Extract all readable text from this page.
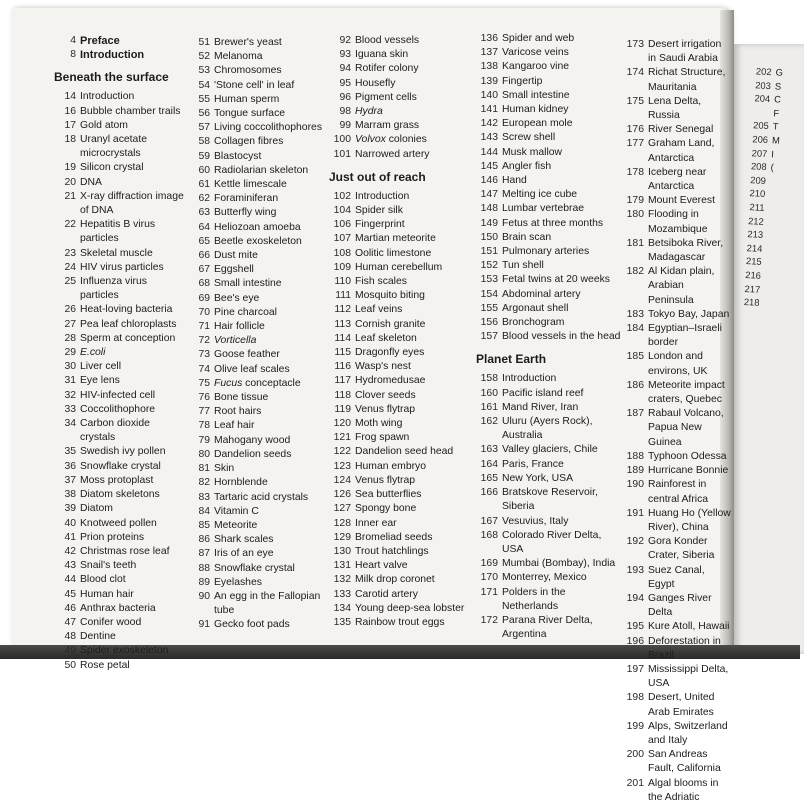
4 Preface
8 Introduction
Beneath the surface
14 Introduction
16 Bubble chamber trails
17 Gold atom
18 Uranyl acetate microcrystals
19 Silicon crystal
20 DNA
21 X-ray diffraction image of DNA
22 Hepatitis B virus particles
23 Skeletal muscle
24 HIV virus particles
25 Influenza virus particles
26 Heat-loving bacteria
27 Pea leaf chloroplasts
28 Sperm at conception
29 E.coli
30 Liver cell
31 Eye lens
32 HIV-infected cell
33 Coccolithophore
34 Carbon dioxide crystals
35 Swedish ivy pollen
36 Snowflake crystal
37 Moss protoplast
38 Diatom skeletons
39 Diatom
40 Knotweed pollen
41 Prion proteins
42 Christmas rose leaf
43 Snail's teeth
44 Blood clot
45 Human hair
46 Anthrax bacteria
47 Conifer wood
48 Dentine
49 Spider exoskeleton
50 Rose petal
51 Brewer's yeast
52 Melanoma
53 Chromosomes
54 'Stone cell' in leaf
55 Human sperm
56 Tongue surface
57 Living coccolithophores
58 Collagen fibres
59 Blastocyst
60 Radiolarian skeleton
61 Kettle limescale
62 Foraminiferan
63 Butterfly wing
64 Heliozoan amoeba
65 Beetle exoskeleton
66 Dust mite
67 Eggshell
68 Small intestine
69 Bee's eye
70 Pine charcoal
71 Hair follicle
72 Vorticella
73 Goose feather
74 Olive leaf scales
75 Fucus conceptacle
76 Bone tissue
77 Root hairs
78 Leaf hair
79 Mahogany wood
80 Dandelion seeds
81 Skin
82 Hornblende
83 Tartaric acid crystals
84 Vitamin C
85 Meteorite
86 Shark scales
87 Iris of an eye
88 Snowflake crystal
89 Eyelashes
90 An egg in the Fallopian tube
91 Gecko foot pads
92 Blood vessels
93 Iguana skin
94 Rotifer colony
95 Housefly
96 Pigment cells
98 Hydra
99 Marram grass
100 Volvox colonies
101 Narrowed artery
Just out of reach
102 Introduction
104 Spider silk
106 Fingerprint
107 Martian meteorite
108 Oolitic limestone
109 Human cerebellum
110 Fish scales
111 Mosquito biting
112 Leaf veins
113 Cornish granite
114 Leaf skeleton
115 Dragonfly eyes
116 Wasp's nest
117 Hydromedusae
118 Clover seeds
119 Venus flytrap
120 Moth wing
121 Frog spawn
122 Dandelion seed head
123 Human embryo
124 Venus flytrap
126 Sea butterflies
127 Spongy bone
128 Inner ear
129 Bromeliad seeds
130 Trout hatchlings
131 Heart valve
132 Milk drop coronet
133 Carotid artery
134 Young deep-sea lobster
135 Rainbow trout eggs
136 Spider and web
137 Varicose veins
138 Kangaroo vine
139 Fingertip
140 Small intestine
141 Human kidney
142 European mole
143 Screw shell
144 Musk mallow
145 Angler fish
146 Hand
147 Melting ice cube
148 Lumbar vertebrae
149 Fetus at three months
150 Brain scan
151 Pulmonary arteries
152 Tun shell
153 Fetal twins at 20 weeks
154 Abdominal artery
155 Argonaut shell
156 Bronchogram
157 Blood vessels in the head
Planet Earth
158 Introduction
160 Pacific island reef
161 Mand River, Iran
162 Uluru (Ayers Rock), Australia
163 Valley glaciers, Chile
164 Paris, France
165 New York, USA
166 Bratskove Reservoir, Siberia
167 Vesuvius, Italy
168 Colorado River Delta, USA
169 Mumbai (Bombay), India
170 Monterrey, Mexico
171 Polders in the Netherlands
172 Parana River Delta, Argentina
173 Desert irrigation in Saudi Arabia
174 Richat Structure, Mauritania
175 Lena Delta, Russia
176 River Senegal
177 Graham Land, Antarctica
178 Iceberg near Antarctica
179 Mount Everest
180 Flooding in Mozambique
181 Betsiboka River, Madagascar
182 Al Kidan plain, Arabian Peninsula
183 Tokyo Bay, Japan
184 Egyptian–Israeli border
185 London and environs, UK
186 Meteorite impact craters, Quebec
187 Rabaul Volcano, Papua New Guinea
188 Typhoon Odessa
189 Hurricane Bonnie
190 Rainforest in central Africa
191 Huang Ho (Yellow River), China
192 Gora Konder Crater, Siberia
193 Suez Canal, Egypt
194 Ganges River Delta
195 Kure Atoll, Hawaii
196 Deforestation in Brazil
197 Mississippi Delta, USA
198 Desert, United Arab Emirates
199 Alps, Switzerland and Italy
200 San Andreas Fault, California
201 Algal blooms in the Adriatic
202 G
203 S
204 C
F
205 T
206 M
207 I
208 (
209
210
211
212
213
214
215
216
217
218
